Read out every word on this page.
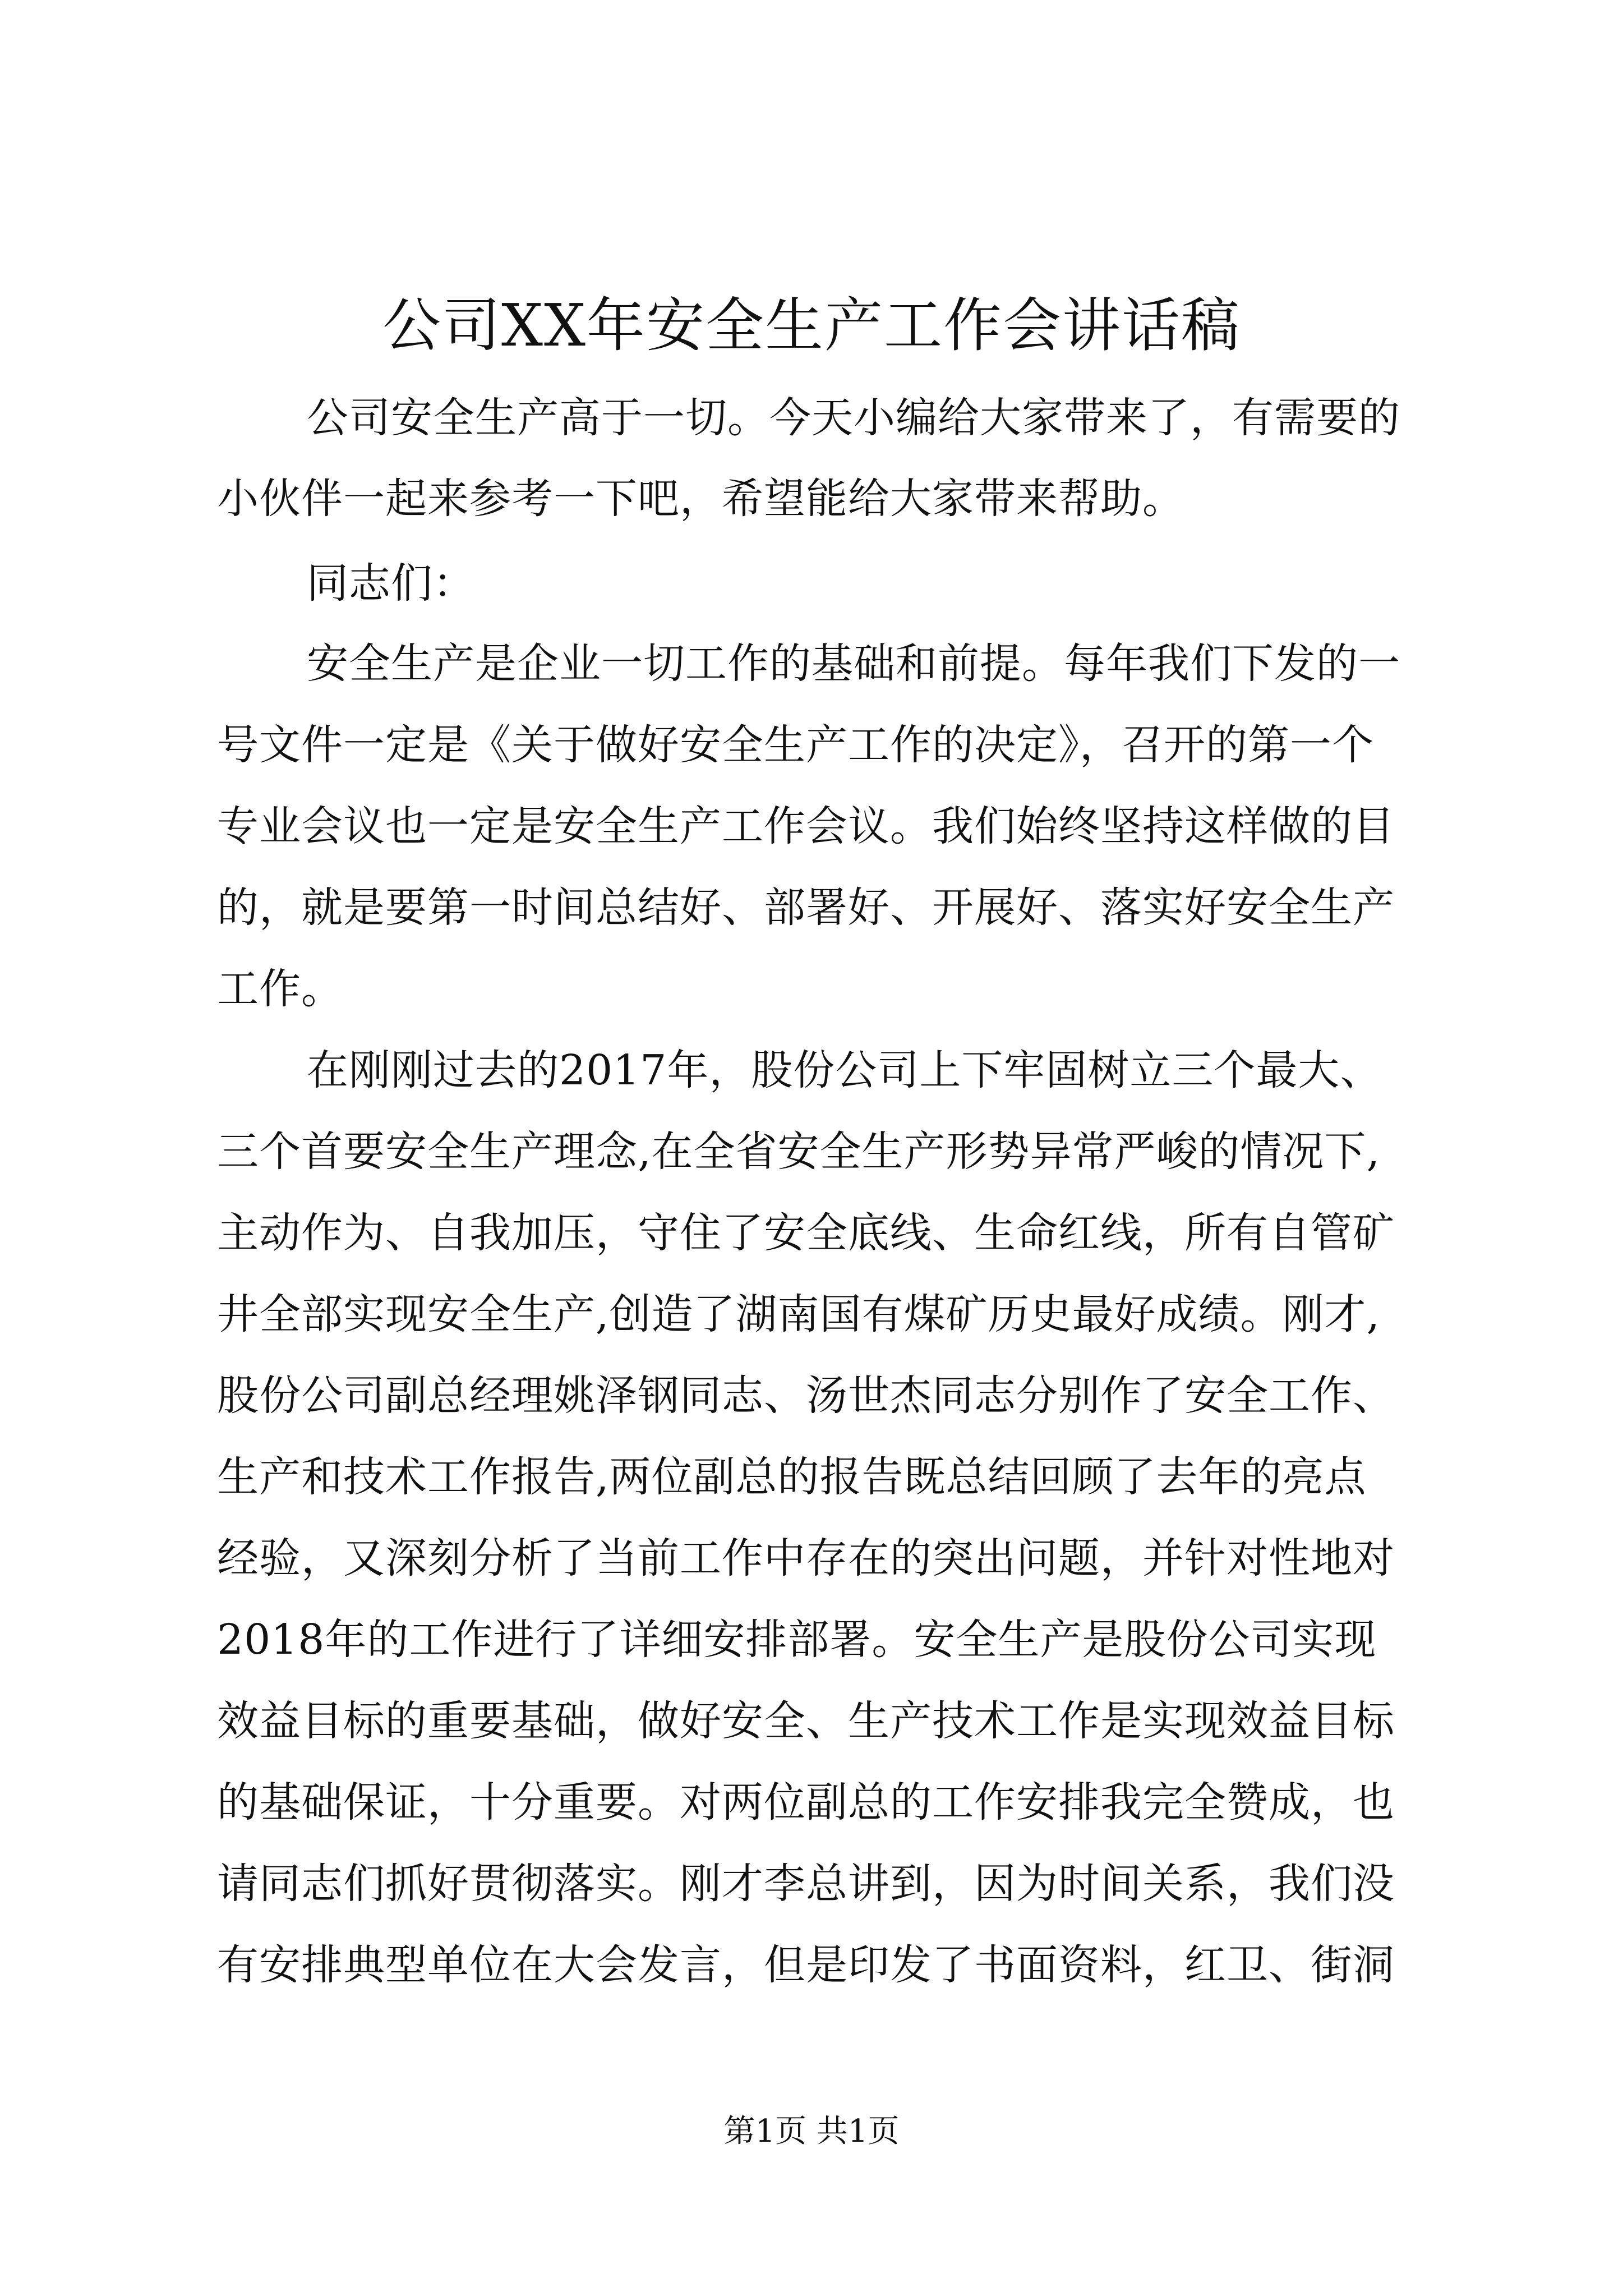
公司XX年安全生产工作会讲话稿
公司安全生产高于一切。今天小编给大家带来了，有需要的
小伙伴一起来参考一下吧，希望能给大家带来帮助。
同志们：
安全生产是企业一切工作的基础和前提。每年我们下发的一
号文件一定是《关于做好安全生产工作的决定》，召开的第一个
专业会议也一定是安全生产工作会议。我们始终坚持这样做的目
的，就是要第一时间总结好、部署好、开展好、落实好安全生产
工作。
在刚刚过去的2017年，股份公司上下牢固树立三个最大、
三个首要安全生产理念,在全省安全生产形势异常严峻的情况下,
主动作为、自我加压，守住了安全底线、生命红线，所有自管矿
井全部实现安全生产,创造了湖南国有煤矿历史最好成绩。刚才,
股份公司副总经理姚泽钢同志、汤世杰同志分别作了安全工作、
生产和技术工作报告,两位副总的报告既总结回顾了去年的亮点
经验，又深刻分析了当前工作中存在的突出问题，并针对性地对
2018年的工作进行了详细安排部署。安全生产是股份公司实现
效益目标的重要基础，做好安全、生产技术工作是实现效益目标
的基础保证，十分重要。对两位副总的工作安排我完全赞成，也
请同志们抓好贯彻落实。刚才李总讲到，因为时间关系，我们没
有安排典型单位在大会发言，但是印发了书面资料，红卫、街洞
第1页 共1页
